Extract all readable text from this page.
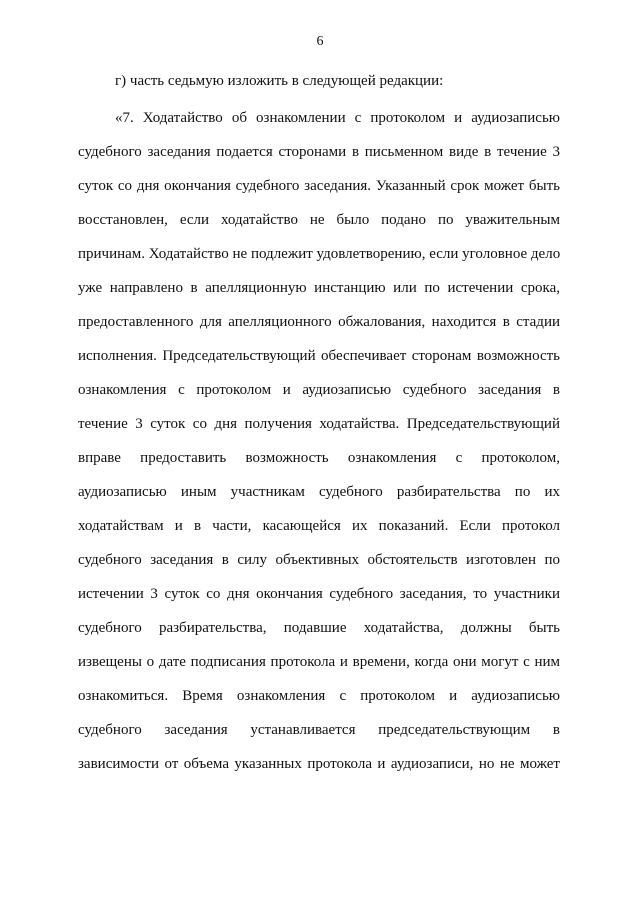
6
г) часть седьмую изложить в следующей редакции:
«7. Ходатайство об ознакомлении с протоколом и аудиозаписью
судебного заседания подается сторонами в письменном виде в течение 3
суток со дня окончания судебного заседания. Указанный срок может быть
восстановлен, если ходатайство не было подано по уважительным
причинам. Ходатайство не подлежит удовлетворению, если уголовное дело
уже направлено в апелляционную инстанцию или по истечении срока,
предоставленного для апелляционного обжалования, находится в стадии
исполнения. Председательствующий обеспечивает сторонам возможность
ознакомления с протоколом и аудиозаписью судебного заседания в
течение 3 суток со дня получения ходатайства. Председательствующий
вправе предоставить возможность ознакомления с протоколом,
аудиозаписью иным участникам судебного разбирательства по их
ходатайствам и в части, касающейся их показаний. Если протокол
судебного заседания в силу объективных обстоятельств изготовлен по
истечении 3 суток со дня окончания судебного заседания, то участники
судебного разбирательства, подавшие ходатайства, должны быть
извещены о дате подписания протокола и времени, когда они могут с ним
ознакомиться. Время ознакомления с протоколом и аудиозаписью
судебного заседания устанавливается председательствующим в
зависимости от объема указанных протокола и аудиозаписи, но не может
